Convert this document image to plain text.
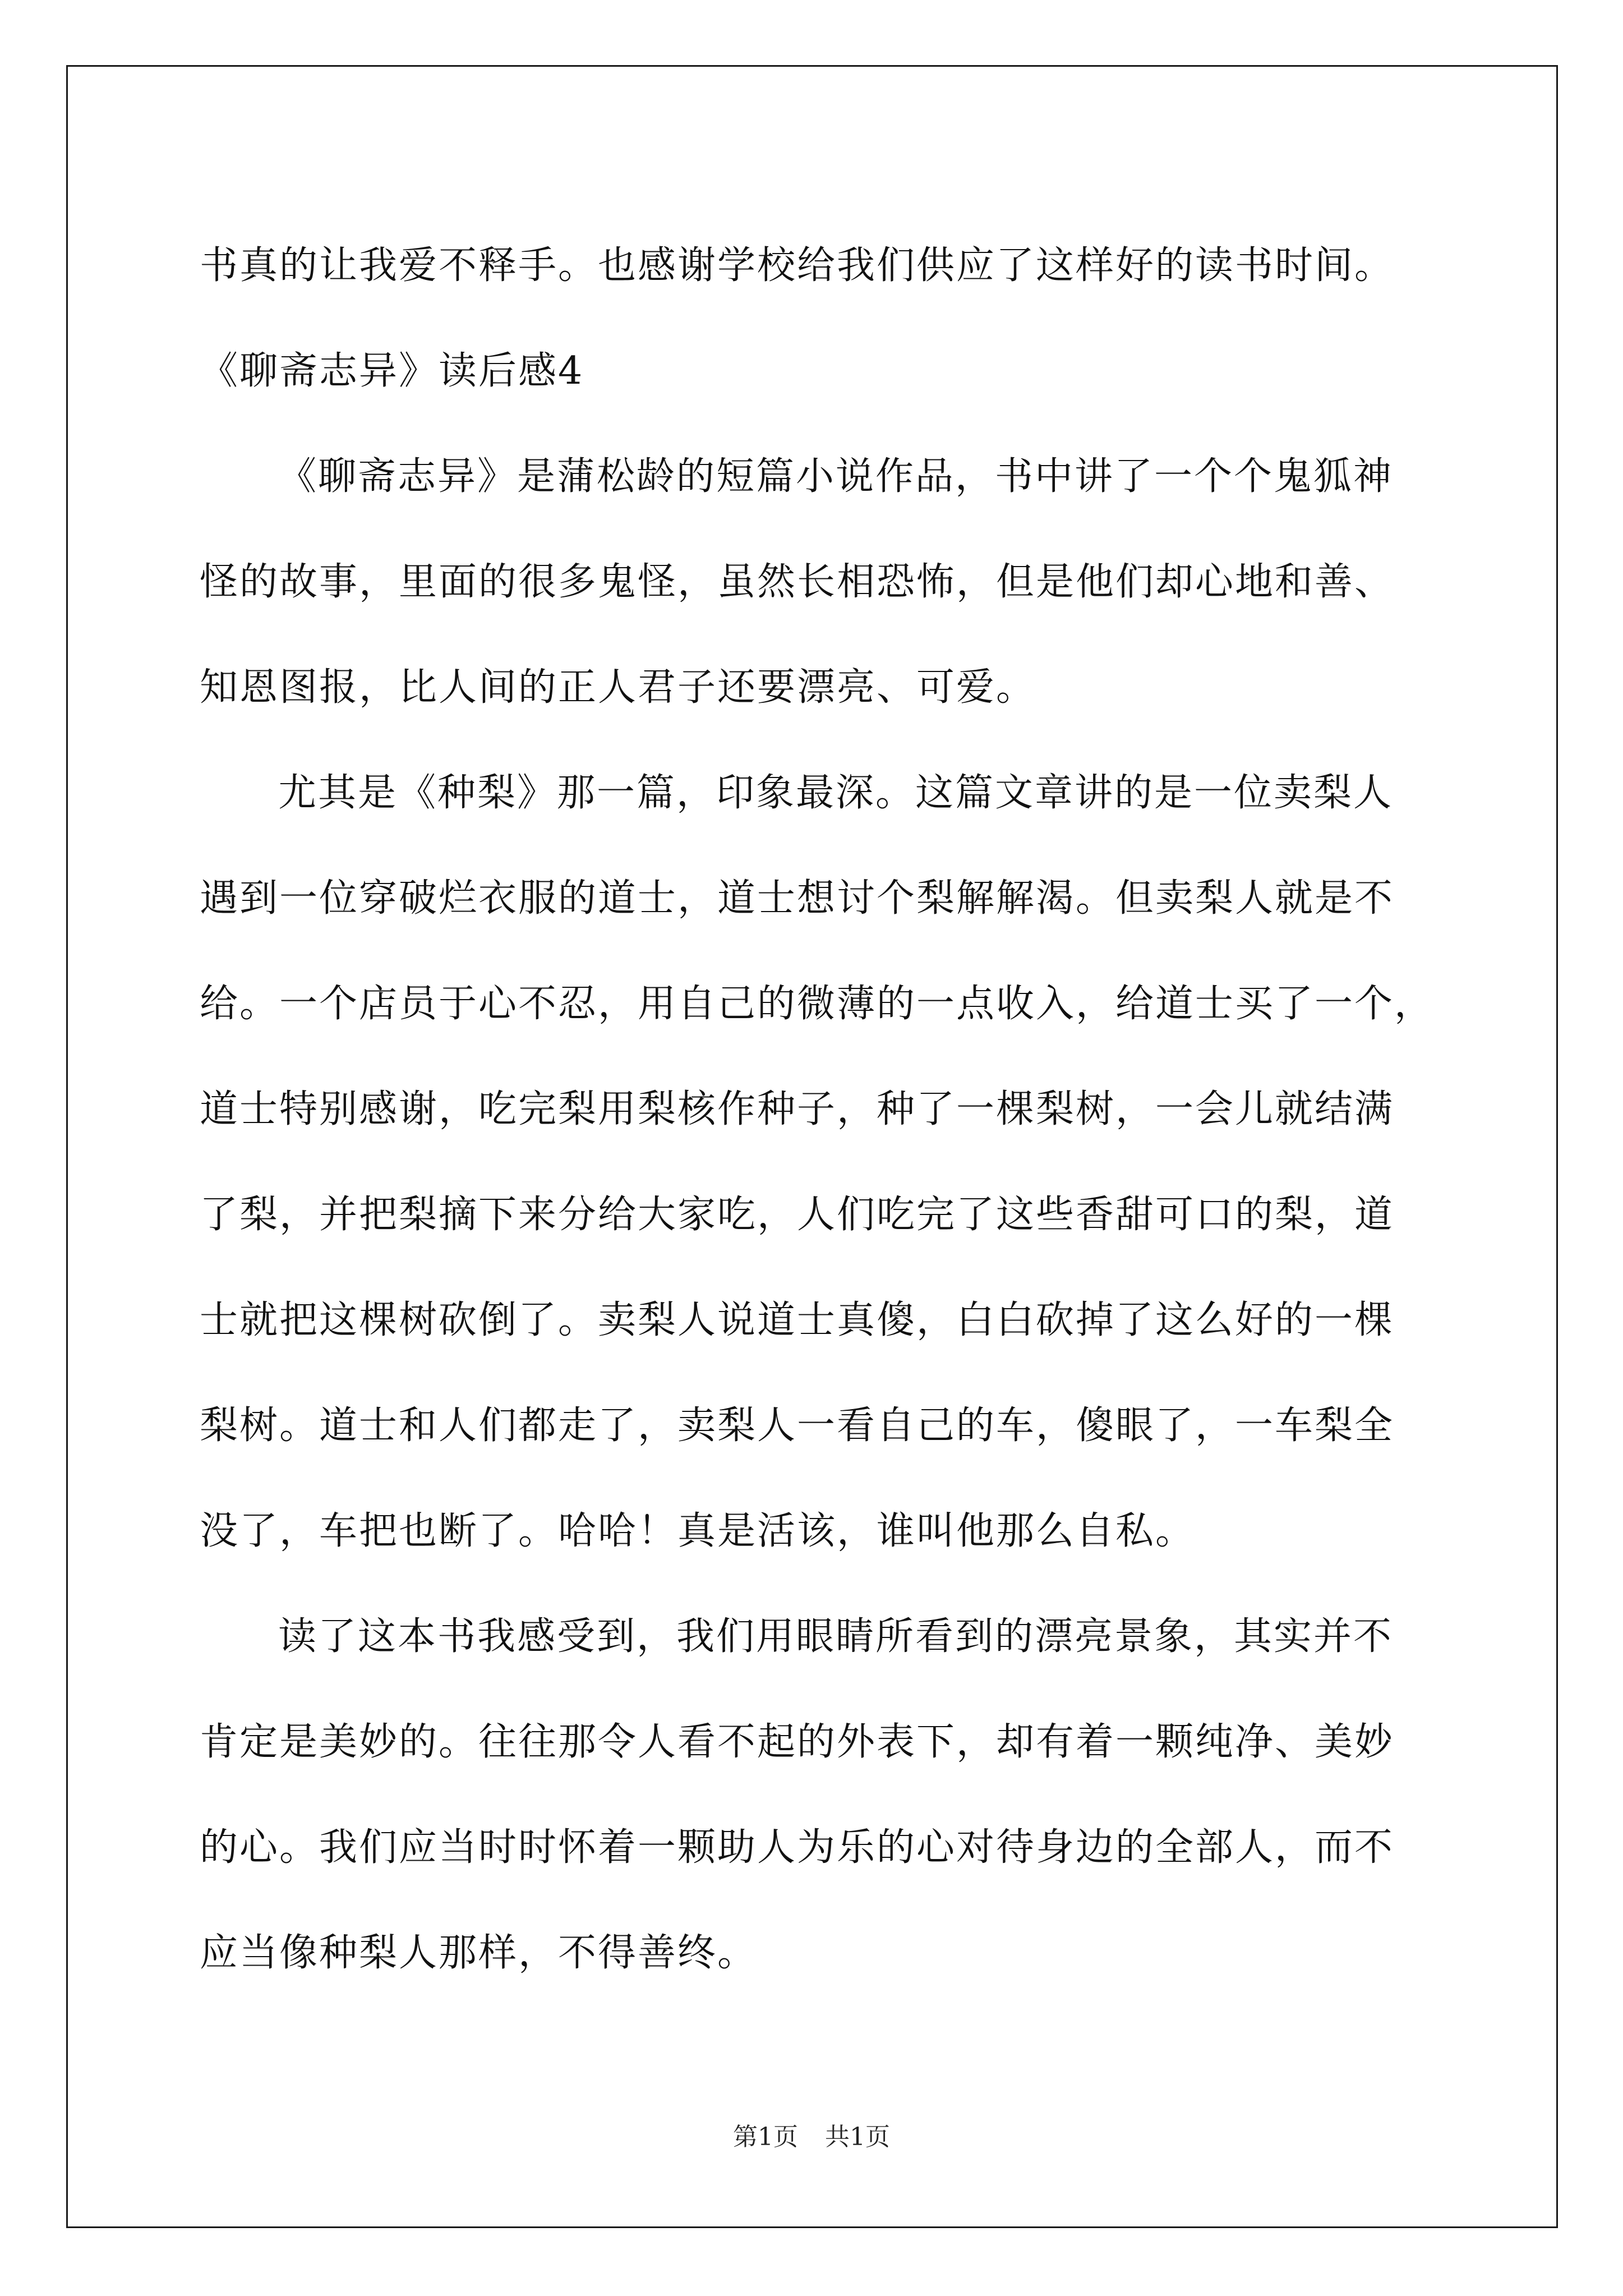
书真的让我爱不释手。也感谢学校给我们供应了这样好的读书时间。
《聊斋志异》读后感4
《聊斋志异》是蒲松龄的短篇小说作品，书中讲了一个个鬼狐神
怪的故事，里面的很多鬼怪，虽然长相恐怖，但是他们却心地和善、
知恩图报，比人间的正人君子还要漂亮、可爱。
尤其是《种梨》那一篇，印象最深。这篇文章讲的是一位卖梨人
遇到一位穿破烂衣服的道士，道士想讨个梨解解渴。但卖梨人就是不
给。一个店员于心不忍，用自己的微薄的一点收入，给道士买了一个，
道士特别感谢，吃完梨用梨核作种子，种了一棵梨树，一会儿就结满
了梨，并把梨摘下来分给大家吃，人们吃完了这些香甜可口的梨，道
士就把这棵树砍倒了。卖梨人说道士真傻，白白砍掉了这么好的一棵
梨树。道士和人们都走了，卖梨人一看自己的车，傻眼了，一车梨全
没了，车把也断了。哈哈！真是活该，谁叫他那么自私。
读了这本书我感受到，我们用眼睛所看到的漂亮景象，其实并不
肯定是美妙的。往往那令人看不起的外表下，却有着一颗纯净、美妙
的心。我们应当时时怀着一颗助人为乐的心对待身边的全部人，而不
应当像种梨人那样，不得善终。
第1页 共1页
